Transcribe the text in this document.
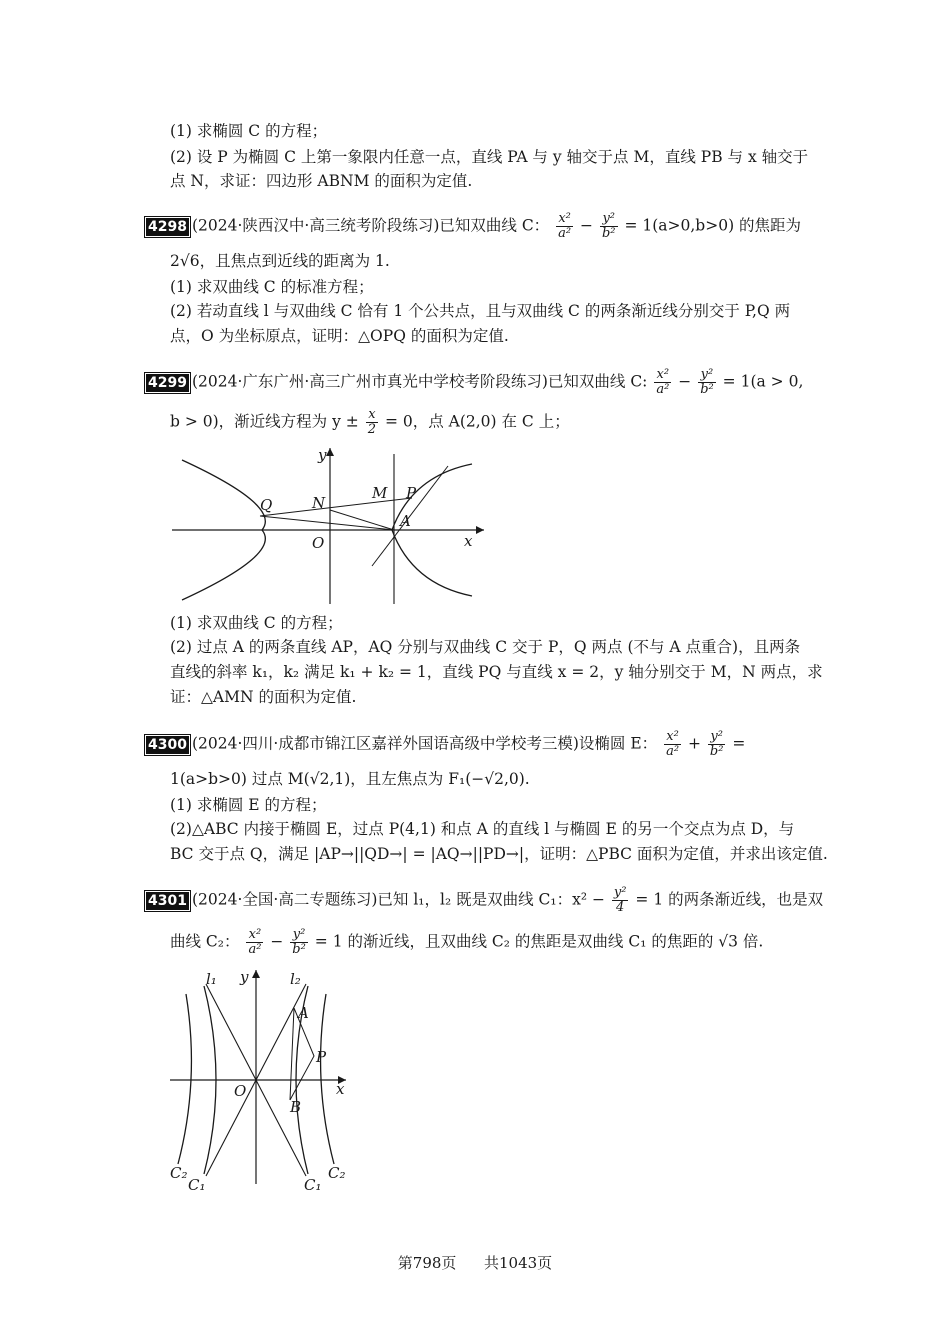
(1) 求椭圆 C 的方程；
(2) 设 P 为椭圆 C 上第一象限内任意一点，直线 PA 与 y 轴交于点 M，直线 PB 与 x 轴交于
点 N，求证：四边形 ABNM 的面积为定值.
4298 (2024·陕西汉中·高三统考阶段练习)已知双曲线 C： $\frac{\text{x²}}{\text{a²}} - \frac{\text{y²}}{\text{b²}} = 1(a>0,b>0)$ 的焦距为
2√6，且焦点到近线的距离为 1.
(1) 求双曲线 C 的标准方程；
(2) 若动直线 l 与双曲线 C 恰有 1 个公共点，且与双曲线 C 的两条渐近线分别交于 P,Q 两
点，O 为坐标原点，证明：△OPQ 的面积为定值.
4299 (2024·广东广州·高三广州市真光中学校考阶段练习)已知双曲线 C: $\frac{\text{x²}}{\text{a²}} - \frac{\text{y²}}{\text{b²}} = 1(a > 0$,
b > 0)，渐近线方程为 $y \pm \frac{x}{2} = 0$，点 A(2,0) 在 C 上；
y
x
O
N
Q
M P
A
(1) 求双曲线 C 的方程；
(2) 过点 A 的两条直线 AP，AQ 分别与双曲线 C 交于 P，Q 两点 (不与 A 点重合)，且两条
直线的斜率 k₁，k₂ 满足 k₁ + k₂ = 1，直线 PQ 与直线 x = 2，y 轴分别交于 M，N 两点，求
证：△AMN 的面积为定值.
4300 (2024·四川·成都市锦江区嘉祥外国语高级中学校考三模)设椭圆 E： $\frac{\text{x²}}{\text{a²}} + \frac{\text{y²}}{\text{b²}}$ =
1(a>b>0) 过点 M(√2,1)，且左焦点为 F₁(−√2,0).
(1) 求椭圆 E 的方程；
(2)△ABC 内接于椭圆 E，过点 P(4,1) 和点 A 的直线 l 与椭圆 E 的另一个交点为点 D，与
BC 交于点 Q，满足 |AP→||QD→| = |AQ→||PD→|，证明：△PBC 面积为定值，并求出该定值.
4301 (2024·全国·高二专题练习)已知 l₁，l₂ 既是双曲线 C₁：$x^2 - \frac{\text{y²}}{4} = 1$ 的两条渐近线，也是双
曲线 C₂： $\frac{\text{x²}}{\text{a²}} - \frac{\text{y²}}{\text{b²}} = 1$ 的渐近线，且双曲线 C₂ 的焦距是双曲线 C₁ 的焦距的 √3 倍.
l₁	l₂
y
x
O
A
P
B
C₂
C₁	C₁
C₂
第798页 共1043页
